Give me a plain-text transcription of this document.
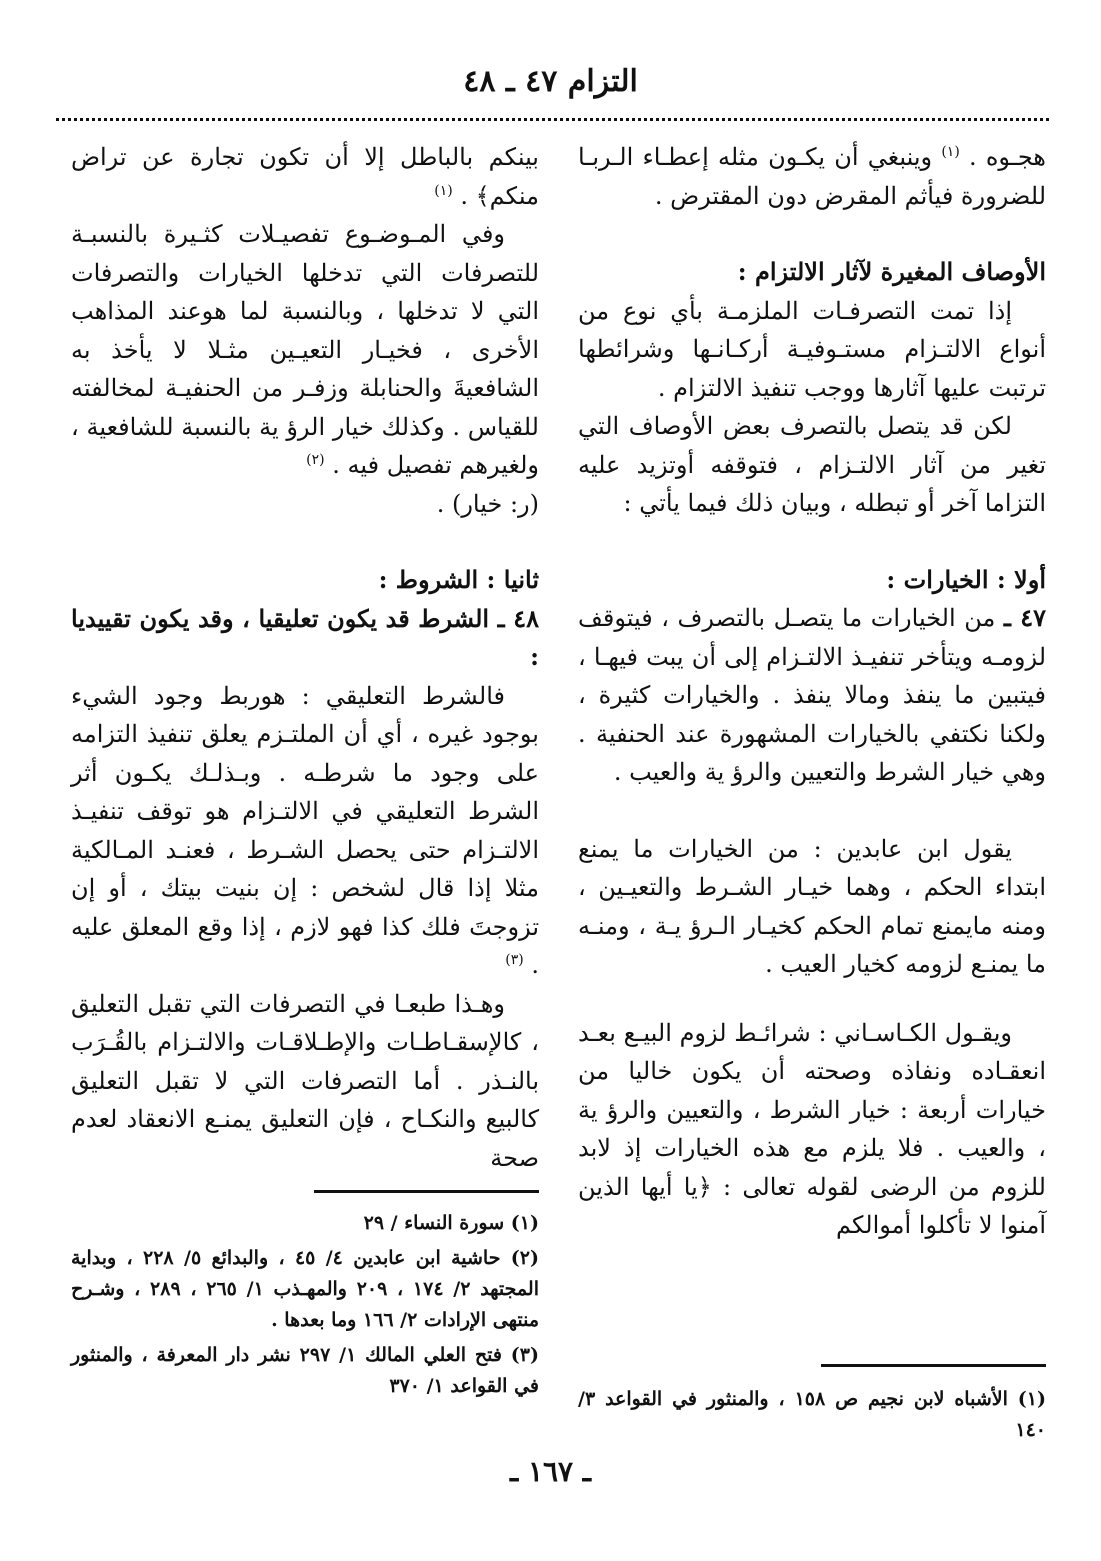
التزام ٤٧ ـ ٤٨

هجـوه . $^{(١)}$ وينبغي أن يكـون مثله إعطـاء الـربـا للضرورة فيأثم المقرض دون المقترض .

الأوصاف المغيرة لآثار الالتزام :

إذا تمت التصرفـات الملزمـة بأي نوع من أنواع الالتـزام مستـوفيـة أركـانـها وشرائطها ترتبت عليها آثارها ووجب تنفيذ الالتزام .

لكن قد يتصل بالتصرف بعض الأوصاف التي تغير من آثار الالتـزام ، فتوقفه أوتزيد عليه التزاما آخر أو تبطله ، وبيان ذلك فيما يأتي :

أولا : الخيارات :

٤٧ ـ من الخيارات ما يتصـل بالتصرف ، فيتوقف لزومـه ويتأخر تنفيـذ الالتـزام إلى أن يبت فيهـا ، فيتبين ما ينفذ ومالا ينفذ . والخيارات كثيرة ، ولكنا نكتفي بالخيارات المشهورة عند الحنفية . وهي خيار الشرط والتعيين والرؤ ية والعيب .

يقول ابن عابدين : من الخيارات ما يمنع ابتداء الحكم ، وهما خيـار الشـرط والتعيـين ، ومنه مايمنع تمام الحكم كخيـار الـرؤ يـة ، ومنـه ما يمنـع لزومه كخيار العيب .

ويقـول الكـاسـاني : شرائـط لزوم البيـع بعـد انعقـاده ونفاذه وصحته أن يكون خاليا من خيارات أربعة : خيار الشرط ، والتعيين والرؤ ية ، والعيب . فلا يلزم مع هذه الخيارات إذ لابد للزوم من الرضى لقوله تعالى : ﴿يا أيها الذين آمنوا لا تأكلوا أموالكم

بينكم بالباطل إلا أن تكون تجارة عن تراض منكم﴾ . $^{(١)}$

وفي المـوضـوع تفصيـلات كثـيرة بالنسبـة للتصرفات التي تدخلها الخيارات والتصرفات التي لا تدخلها ، وبالنسبة لما هوعند المذاهب الأخرى ، فخيـار التعيـين مثـلا لا يأخذ به الشافعيةَ والحنابلة وزفـر من الحنفيـة لمخالفته للقياس . وكذلك خيار الرؤ ية بالنسبة للشافعية ، ولغيرهم تفصيل فيه . $^{(٢)}$
(ر: خيار) .

ثانيا : الشروط :

٤٨ ـ الشرط قد يكون تعليقيا ، وقد يكون تقييديا :

فالشرط التعليقي : هوربط وجود الشيء بوجود غيره ، أي أن الملتـزم يعلق تنفيذ التزامه على وجود ما شرطـه . وبـذلـك يكـون أثر الشرط التعليقي في الالتـزام هو توقف تنفيـذ الالتـزام حتى يحصل الشـرط ، فعنـد المـالكية مثلا إذا قال لشخص : إن بنيت بيتك ، أو إن تزوجتَ فلك كذا فهو لازم ، إذا وقع المعلق عليه . $^{(٣)}$

وهـذا طبعـا في التصرفات التي تقبل التعليق ، كالإسقـاطـات والإطـلاقـات والالتـزام بالقُـرَب بالنـذر . أما التصرفات التي لا تقبل التعليق كالبيع والنكـاح ، فإن التعليق يمنـع الانعقاد لعدم صحة

(١) الأشباه لابن نجيم ص ١٥٨ ، والمنثور في القواعد ٣/ ١٤٠

(١) سورة النساء / ٢٩

(٢) حاشية ابن عابدين ٤/ ٤٥ ، والبدائع ٥/ ٢٢٨ ، وبداية المجتهد ٢/ ١٧٤ ، ٢٠٩ والمهـذب ١/ ٢٦٥ ، ٢٨٩ ، وشـرح منتهى الإرادات ٢/ ١٦٦ وما بعدها .

(٣) فتح العلي المالك ١/ ٢٩٧ نشر دار المعرفة ، والمنثور في القواعد ١/ ٣٧٠

ـ ١٦٧ ـ
